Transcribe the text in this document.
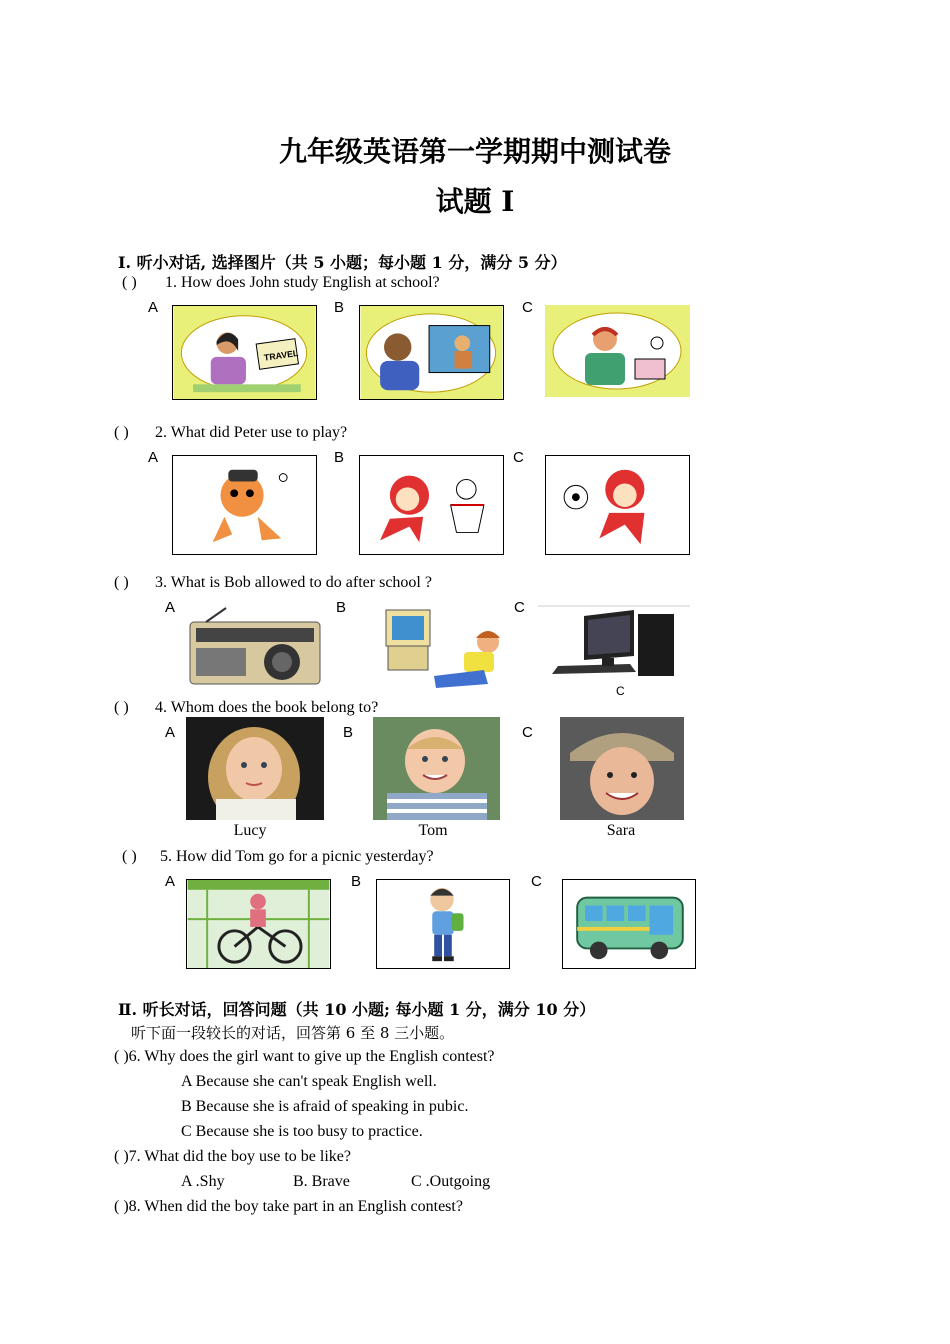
九年级英语第一学期期中测试卷
试题 I
Ⅰ. 听小对话, 选择图片（共 5 小题；每小题 1 分，满分 5 分）
( ) 1. How does John study English at school?
A	B	C
TRAVEL
( ) 2. What did Peter use to play?
A	B	C
( ) 3. What is Bob allowed to do after school ?
A	B	C
C
( ) 4. Whom does the book belong to?
A	B	C
Lucy	Tom	Sara
( ) 5. How did Tom go for a picnic yesterday?
A	B	C
Ⅱ. 听长对话，回答问题（共 10 小题; 每小题 1 分，满分 10 分）
听下面一段较长的对话，回答第 6 至 8 三小题。
( )6. Why does the girl want to give up the English contest?
A Because she can't speak English well.
B Because she is afraid of speaking in pubic.
C Because she is too busy to practice.
( )7. What did the boy use to be like?
A .Shy	B. Brave	C .Outgoing
( )8. When did the boy take part in an English contest?
